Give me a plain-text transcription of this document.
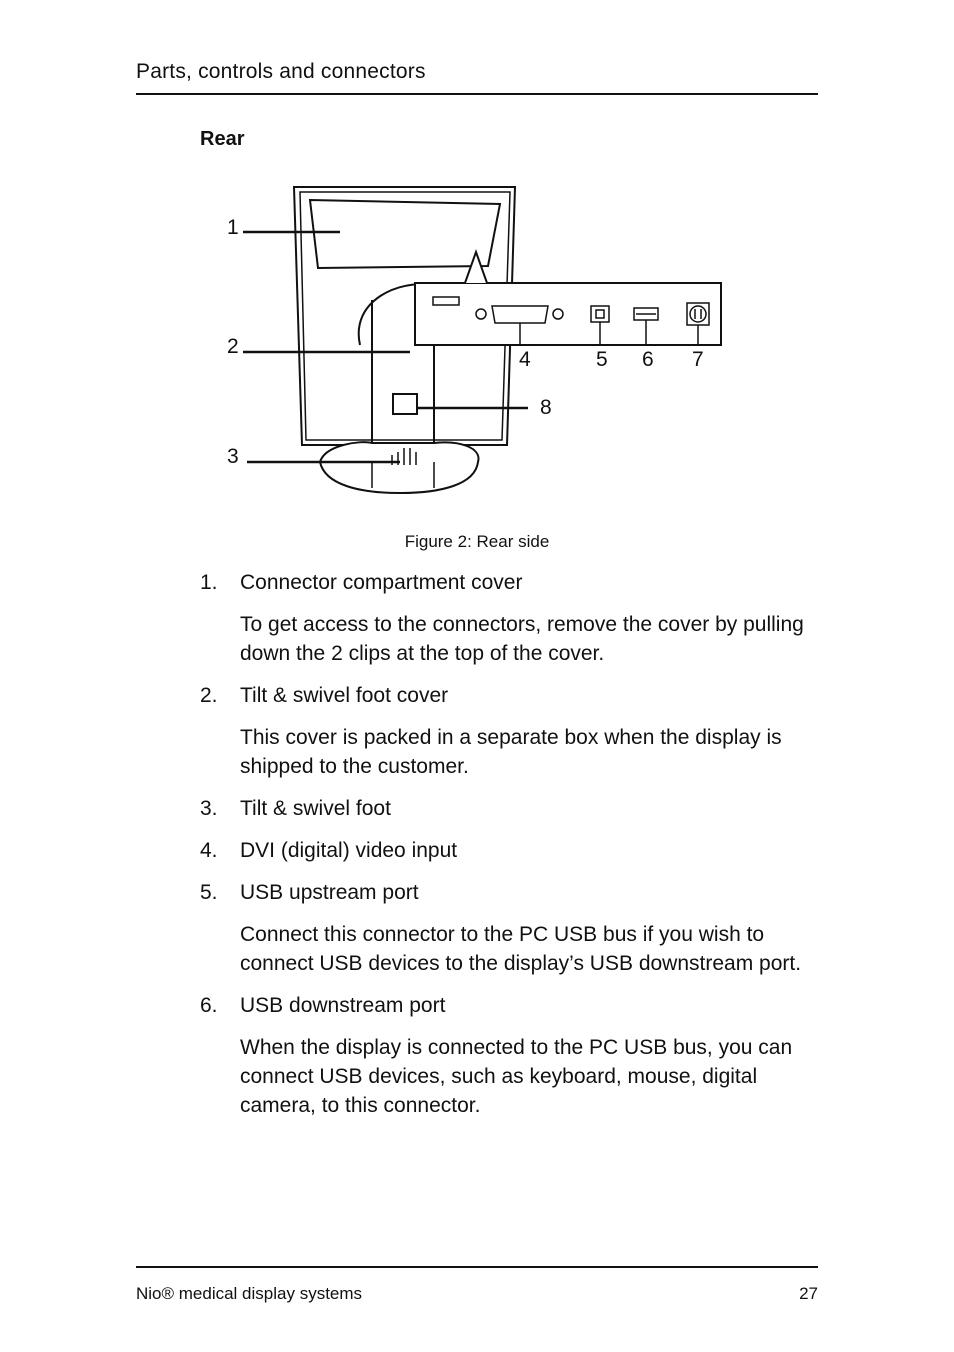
Parts, controls and connectors
Rear
1
2
3
4	5 6 7
8
Figure 2: Rear side
1.	Connector compartment cover
To get access to the connectors, remove the cover by pulling down the 2 clips at the top of the cover.
2.	Tilt & swivel foot cover
This cover is packed in a separate box when the display is shipped to the customer.
3.	Tilt & swivel foot
4.	DVI (digital) video input
5.	USB upstream port
Connect this connector to the PC USB bus if you wish to connect USB devices to the display’s USB downstream port.
6.	USB downstream port
When the display is connected to the PC USB bus, you can connect USB devices, such as keyboard, mouse, digital camera, to this connector.
Nio® medical display systems	27
